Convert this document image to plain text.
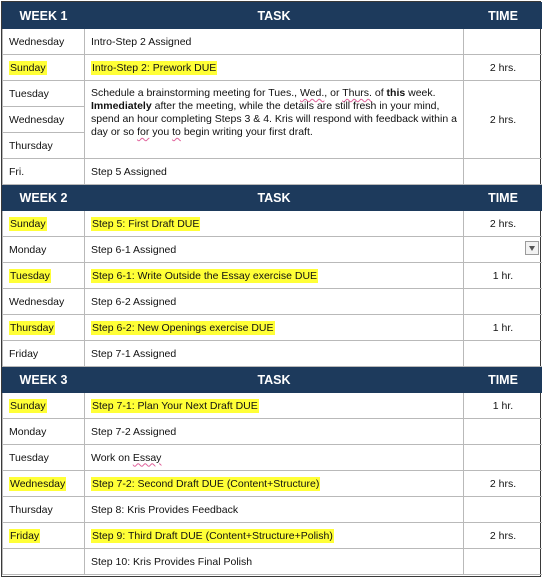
WEEK 1	TASK	TIME
Wednesday	Intro-Step 2 Assigned	
Sunday	Intro-Step 2: Prework DUE	2 hrs.
Tuesday	Schedule a brainstorming meeting for Tues., Wed., or Thurs. of this week. Immediately after the meeting, while the details are still fresh in your mind, spend an hour completing Steps 3 & 4. Kris will respond with feedback within a day or so for you to begin writing your first draft.	2 hrs.
Wednesday		
Thursday		
Fri.	Step 5 Assigned	
WEEK 2	TASK	TIME
Sunday	Step 5: First Draft DUE	2 hrs.
Monday	Step 6-1 Assigned	

Tuesday	Step 6-1: Write Outside the Essay exercise DUE	1 hr.
Wednesday	Step 6-2 Assigned	
Thursday	Step 6-2: New Openings exercise DUE	1 hr.
Friday	Step 7-1 Assigned	
WEEK 3	TASK	TIME
Sunday	Step 7-1: Plan Your Next Draft DUE	1 hr.
Monday	Step 7-2 Assigned	
Tuesday	Work on Essay	
Wednesday	Step 7-2: Second Draft DUE (Content+Structure)	2 hrs.
Thursday	Step 8: Kris Provides Feedback	
Friday	Step 9: Third Draft DUE (Content+Structure+Polish)	2 hrs.
	Step 10: Kris Provides Final Polish	
